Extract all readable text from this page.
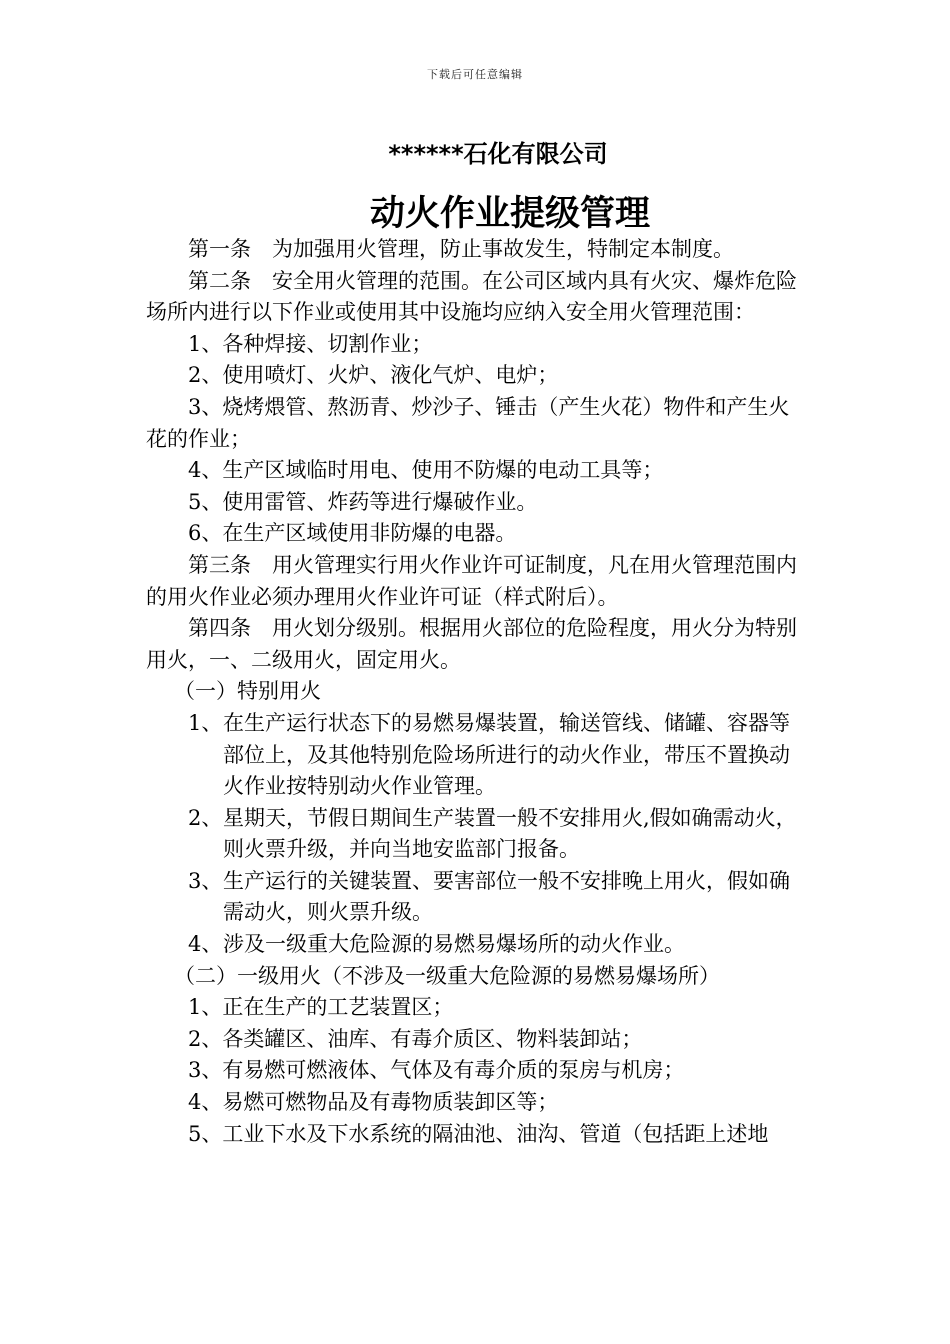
下载后可任意编辑
******石化有限公司
动火作业提级管理

第一条　为加强用火管理，防止事故发生，特制定本制度。

第二条　安全用火管理的范围。在公司区域内具有火灾、爆炸危险场所内进行以下作业或使用其中设施均应纳入安全用火管理范围：

1、各种焊接、切割作业；

2、使用喷灯、火炉、液化气炉、电炉；

3、烧烤煨管、熬沥青、炒沙子、锤击（产生火花）物件和产生火花的作业；

4、生产区域临时用电、使用不防爆的电动工具等；

5、使用雷管、炸药等进行爆破作业。

6、在生产区域使用非防爆的电器。

第三条　用火管理实行用火作业许可证制度，凡在用火管理范围内的用火作业必须办理用火作业许可证（样式附后）。

第四条　用火划分级别。根据用火部位的危险程度，用火分为特别用火，一、二级用火，固定用火。

（一）特别用火

1、 在生产运行状态下的易燃易爆装置，输送管线、储罐、容器等部位上，及其他特别危险场所进行的动火作业，带压不置换动火作业按特别动火作业管理。
2、 星期天，节假日期间生产装置一般不安排用火,假如确需动火，则火票升级，并向当地安监部门报备。
3、 生产运行的关键装置、要害部位一般不安排晚上用火，假如确需动火，则火票升级。
4、 涉及一级重大危险源的易燃易爆场所的动火作业。

（二）一级用火（不涉及一级重大危险源的易燃易爆场所）

1、正在生产的工艺装置区；
2、各类罐区、油库、有毒介质区、物料装卸站；
3、有易燃可燃液体、气体及有毒介质的泵房与机房；
4、易燃可燃物品及有毒物质装卸区等；
5、工业下水及下水系统的隔油池、油沟、管道（包括距上述地
